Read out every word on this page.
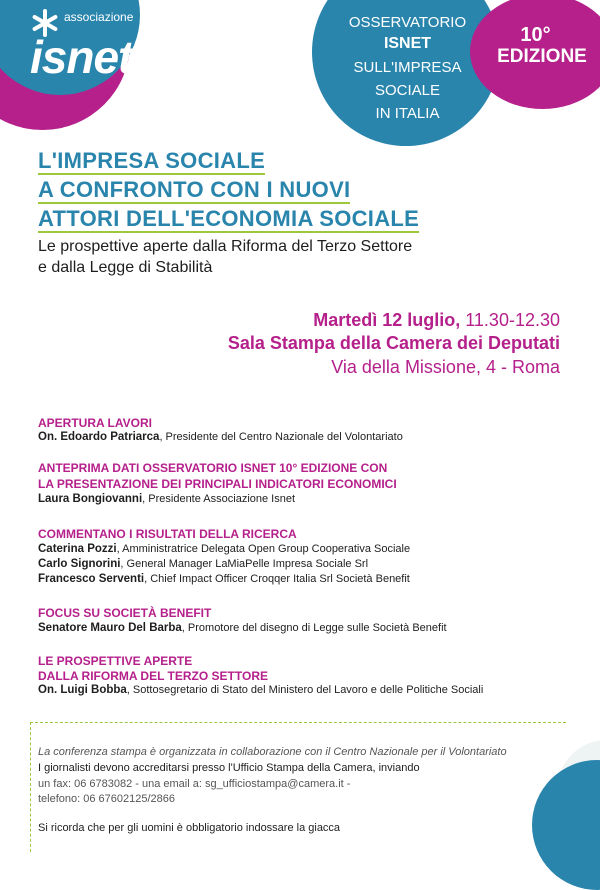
associazione
isnet
OSSERVATORIO
ISNET
SULL'IMPRESA
SOCIALE
IN ITALIA
10°
EDIZIONE
L'IMPRESA SOCIALE
A CONFRONTO CON I NUOVI
ATTORI DELL'ECONOMIA SOCIALE
Le prospettive aperte dalla Riforma del Terzo Settore
e dalla Legge di Stabilità
Martedì 12 luglio, 11.30-12.30
Sala Stampa della Camera dei Deputati
Via della Missione, 4 - Roma
APERTURA LAVORI
On. Edoardo Patriarca, Presidente del Centro Nazionale del Volontariato
ANTEPRIMA DATI OSSERVATORIO ISNET 10° EDIZIONE CON
LA PRESENTAZIONE DEI PRINCIPALI INDICATORI ECONOMICI
Laura Bongiovanni, Presidente Associazione Isnet
COMMENTANO I RISULTATI DELLA RICERCA
Caterina Pozzi, Amministratrice Delegata Open Group Cooperativa Sociale
Carlo Signorini, General Manager LaMiaPelle Impresa Sociale Srl
Francesco Serventi, Chief Impact Officer Croqqer Italia Srl Società Benefit
FOCUS SU SOCIETÀ BENEFIT
Senatore Mauro Del Barba, Promotore del disegno di Legge sulle Società Benefit
LE PROSPETTIVE APERTE
DALLA RIFORMA DEL TERZO SETTORE
On. Luigi Bobba, Sottosegretario di Stato del Ministero del Lavoro e delle Politiche Sociali
La conferenza stampa è organizzata in collaborazione con il Centro Nazionale per il Volontariato
I giornalisti devono accreditarsi presso l'Ufficio Stampa della Camera, inviando
un fax: 06 6783082 - una email a: sg_ufficiostampa@camera.it -
telefono: 06 67602125/2866
Si ricorda che per gli uomini è obbligatorio indossare la giacca
